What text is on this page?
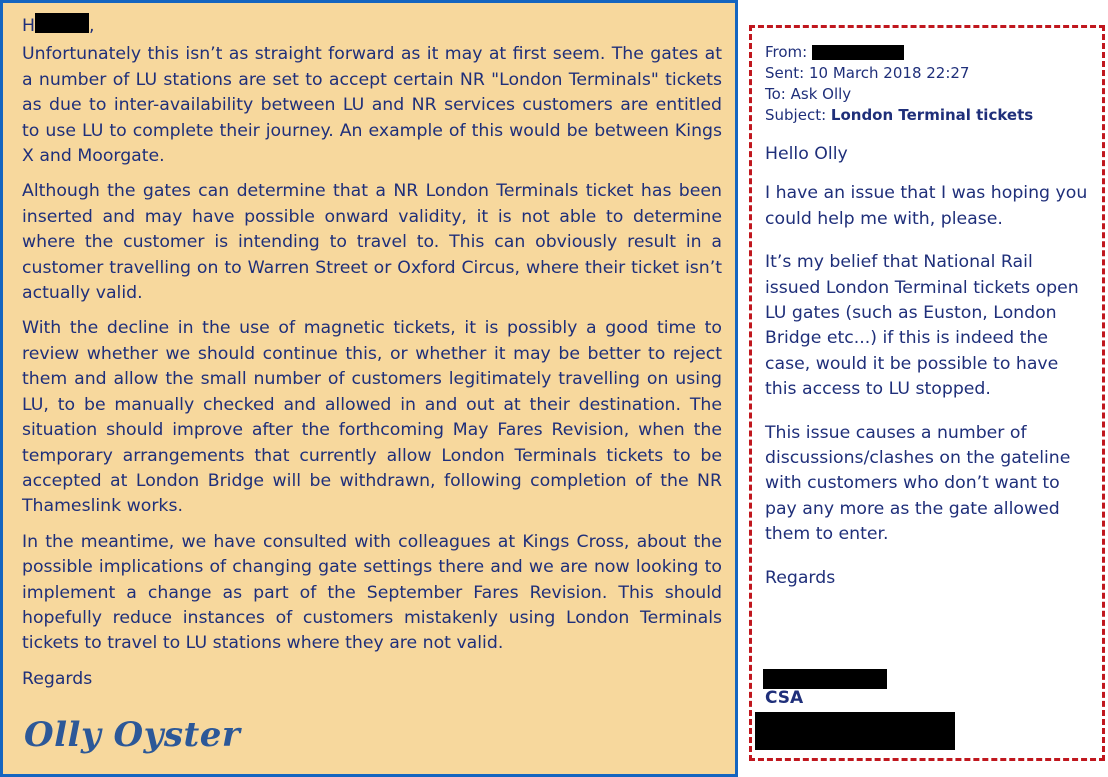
H	,

Unfortunately this isn’t as straight forward as it may at first seem. The gates at a number of LU stations are set to accept certain NR "London Terminals" tickets as due to inter-availability between LU and NR services customers are entitled to use LU to complete their journey. An example of this would be between Kings X and Moorgate.

Although the gates can determine that a NR London Terminals ticket has been inserted and may have possible onward validity, it is not able to determine where the customer is intending to travel to. This can obviously result in a customer travelling on to Warren Street or Oxford Circus, where their ticket isn’t actually valid.

With the decline in the use of magnetic tickets, it is possibly a good time to review whether we should continue this, or whether it may be better to reject them and allow the small number of customers legitimately travelling on using LU, to be manually checked and allowed in and out at their destination. The situation should improve after the forthcoming May Fares Revision, when the temporary arrangements that currently allow London Terminals tickets to be accepted at London Bridge will be withdrawn, following completion of the NR Thameslink works.

In the meantime, we have consulted with colleagues at Kings Cross, about the possible implications of changing gate settings there and we are now looking to implement a change as part of the September Fares Revision. This should hopefully reduce instances of customers mistakenly using London Terminals tickets to travel to LU stations where they are not valid.

Regards

Olly Oyster
From:
Sent: 10 March 2018 22:27
To: Ask Olly
Subject: London Terminal tickets

Hello Olly

I have an issue that I was hoping you could help me with, please.

It’s my belief that National Rail issued London Terminal tickets open LU gates (such as Euston, London Bridge etc...) if this is indeed the case, would it be possible to have this access to LU stopped.

This issue causes a number of discussions/clashes on the gateline with customers who don’t want to pay any more as the gate allowed them to enter.

Regards

CSA
